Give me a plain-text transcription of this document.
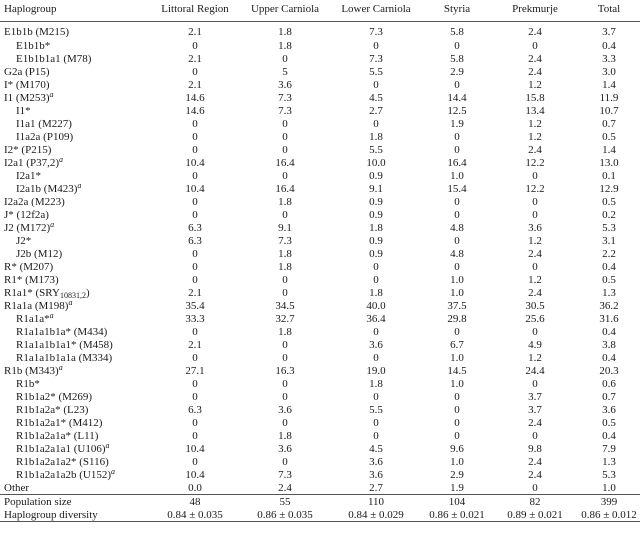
Haplogroup	Littoral Region	Upper Carniola	Lower Carniola	Styria	Prekmurje	Total
E1b1b (M215)	2.1	1.8	7.3	5.8	2.4	3.7
E1b1b*	0	1.8	0	0	0	0.4
E1b1b1a1 (M78)	2.1	0	7.3	5.8	2.4	3.3
G2a (P15)	0	5	5.5	2.9	2.4	3.0
I* (M170)	2.1	3.6	0	0	1.2	1.4
I1 $(M253)^a$	14.6	7.3	4.5	14.4	15.8	11.9
I1*	14.6	7.3	2.7	12.5	13.4	10.7
I1a1 (M227)	0	0	0	1.9	1.2	0.7
I1a2a (P109)	0	0	1.8	0	1.2	0.5
I2* (P215)	0	0	5.5	0	2.4	1.4
I2a1 $(P37,2)^a$	10.4	16.4	10.0	16.4	12.2	13.0
I2a1*	0	0	0.9	1.0	0	0.1
I2a1b $(M423)^a$	10.4	16.4	9.1	15.4	12.2	12.9
I2a2a (M223)	0	1.8	0.9	0	0	0.5
J* (12f2a)	0	0	0.9	0	0	0.2
J2 $(M172)^a$	6.3	9.1	1.8	4.8	3.6	5.3
J2*	6.3	7.3	0.9	0	1.2	3.1
J2b (M12)	0	1.8	0.9	4.8	2.4	2.2
R* (M207)	0	1.8	0	0	0	0.4
R1* (M173)	0	0	0	1.0	1.2	0.5
R1a1* $(SRY_{10831,2})$	2.1	0	1.8	1.0	2.4	1.3
R1a1a $(M198)^a$	35.4	34.5	40.0	37.5	30.5	36.2
R1a1a*$^a$	33.3	32.7	36.4	29.8	25.6	31.6
R1a1a1b1a* (M434)	0	1.8	0	0	0	0.4
R1a1a1b1a1* (M458)	2.1	0	3.6	6.7	4.9	3.8
R1a1a1b1a1a (M334)	0	0	0	1.0	1.2	0.4
R1b $(M343)^a$	27.1	16.3	19.0	14.5	24.4	20.3
R1b*	0	0	1.8	1.0	0	0.6
R1b1a2* (M269)	0	0	0	0	3.7	0.7
R1b1a2a* (L23)	6.3	3.6	5.5	0	3.7	3.6
R1b1a2a1* (M412)	0	0	0	0	2.4	0.5
R1b1a2a1a* (L11)	0	1.8	0	0	0	0.4
R1b1a2a1a1 $(U106)^a$	10.4	3.6	4.5	9.6	9.8	7.9
R1b1a2a1a2* (S116)	0	0	3.6	1.0	2.4	1.3
R1b1a2a1a2b $(U152)^a$	10.4	7.3	3.6	2.9	2.4	5.3
Other	0.0	2.4	2.7	1.9	0	1.0
Population size	48	55	110	104	82	399
Haplogroup diversity	0.84 ± 0.035	0.86 ± 0.035	0.84 ± 0.029	0.86 ± 0.021	0.89 ± 0.021	0.86 ± 0.012
